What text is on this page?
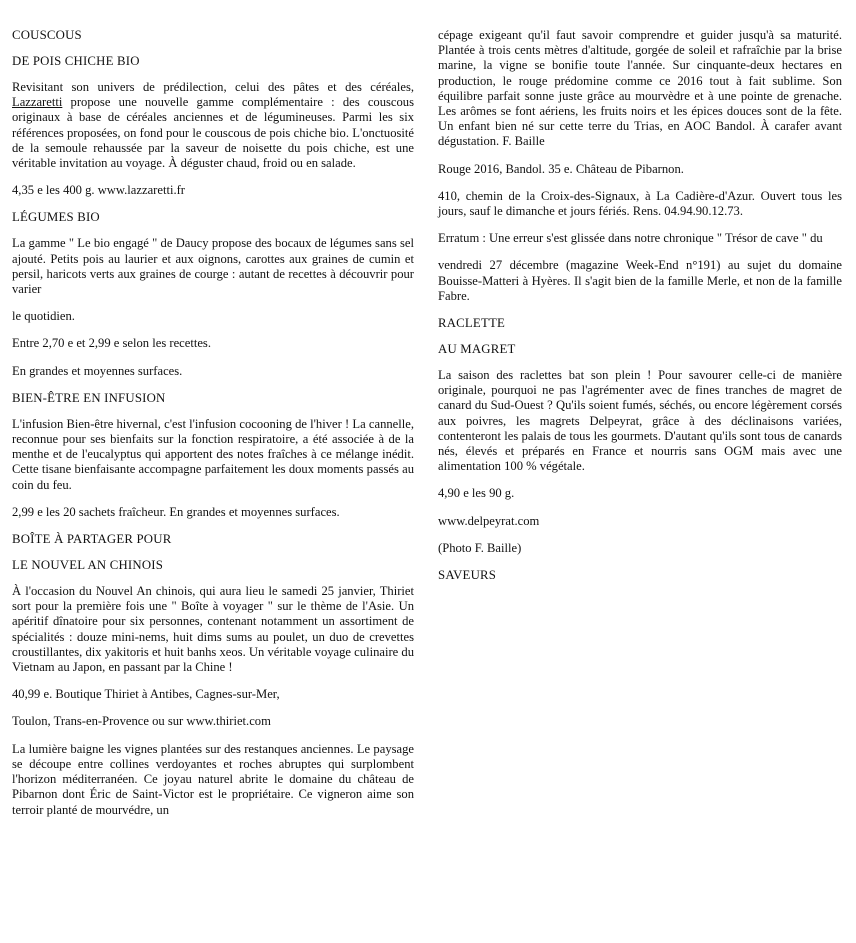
COUSCOUS
DE POIS CHICHE BIO
Revisitant son univers de prédilection, celui des pâtes et des céréales, Lazzaretti propose une nouvelle gamme complémentaire : des couscous originaux à base de céréales anciennes et de légumineuses. Parmi les six références proposées, on fond pour le couscous de pois chiche bio. L'onctuosité de la semoule rehaussée par la saveur de noisette du pois chiche, est une véritable invitation au voyage. À déguster chaud, froid ou en salade.
4,35 e les 400 g. www.lazzaretti.fr
LÉGUMES BIO
La gamme " Le bio engagé " de Daucy propose des bocaux de légumes sans sel ajouté. Petits pois au laurier et aux oignons, carottes aux graines de cumin et persil, haricots verts aux graines de courge : autant de recettes à découvrir pour varier
le quotidien.
Entre 2,70 e et 2,99 e selon les recettes.
En grandes et moyennes surfaces.
BIEN-ÊTRE EN INFUSION
L'infusion Bien-être hivernal, c'est l'infusion cocooning de l'hiver ! La cannelle, reconnue pour ses bienfaits sur la fonction respiratoire, a été associée à de la menthe et de l'eucalyptus qui apportent des notes fraîches à ce mélange inédit. Cette tisane bienfaisante accompagne parfaitement les doux moments passés au coin du feu.
2,99 e les 20 sachets fraîcheur. En grandes et moyennes surfaces.
BOÎTE À PARTAGER POUR
LE NOUVEL AN CHINOIS
À l'occasion du Nouvel An chinois, qui aura lieu le samedi 25 janvier, Thiriet sort pour la première fois une " Boîte à voyager " sur le thème de l'Asie. Un apéritif dînatoire pour six personnes, contenant notamment un assortiment de spécialités : douze mini-nems, huit dims sums au poulet, un duo de crevettes croustillantes, dix yakitoris et huit banhs xeos. Un véritable voyage culinaire du Vietnam au Japon, en passant par la Chine !
40,99 e. Boutique Thiriet à Antibes, Cagnes-sur-Mer,
Toulon, Trans-en-Provence ou sur www.thiriet.com
La lumière baigne les vignes plantées sur des restanques anciennes. Le paysage se découpe entre collines verdoyantes et roches abruptes qui surplombent l'horizon méditerranéen. Ce joyau naturel abrite le domaine du château de Pibarnon dont Éric de Saint-Victor est le propriétaire. Ce vigneron aime son terroir planté de mourvédre, un
cépage exigeant qu'il faut savoir comprendre et guider jusqu'à sa maturité. Plantée à trois cents mètres d'altitude, gorgée de soleil et rafraîchie par la brise marine, la vigne se bonifie toute l'année. Sur cinquante-deux hectares en production, le rouge prédomine comme ce 2016 tout à fait sublime. Son équilibre parfait sonne juste grâce au mourvèdre et à une pointe de grenache. Les arômes se font aériens, les fruits noirs et les épices douces sont de la fête. Un enfant bien né sur cette terre du Trias, en AOC Bandol. À carafer avant dégustation. F. Baille
Rouge 2016, Bandol. 35 e. Château de Pibarnon.
410, chemin de la Croix-des-Signaux, à La Cadière-d'Azur. Ouvert tous les jours, sauf le dimanche et jours fériés. Rens. 04.94.90.12.73.
Erratum : Une erreur s'est glissée dans notre chronique " Trésor de cave " du
vendredi 27 décembre (magazine Week-End n°191) au sujet du domaine Bouisse-Matteri à Hyères. Il s'agit bien de la famille Merle, et non de la famille Fabre.
RACLETTE
AU MAGRET
La saison des raclettes bat son plein ! Pour savourer celle-ci de manière originale, pourquoi ne pas l'agrémenter avec de fines tranches de magret de canard du Sud-Ouest ? Qu'ils soient fumés, séchés, ou encore légèrement corsés aux poivres, les magrets Delpeyrat, grâce à des déclinaisons variées, contenteront les palais de tous les gourmets. D'autant qu'ils sont tous de canards nés, élevés et préparés en France et nourris sans OGM mais avec une alimentation 100 % végétale.
4,90 e les 90 g.
www.delpeyrat.com
(Photo F. Baille)
SAVEURS
